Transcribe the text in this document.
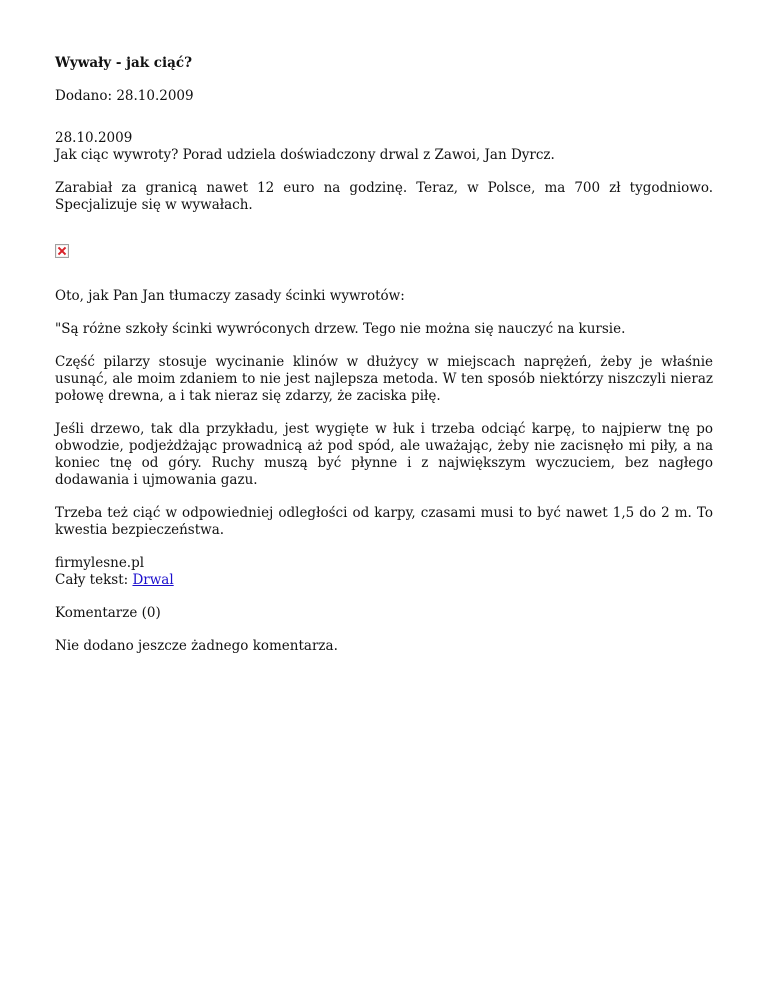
Wywały - jak ciąć?
Dodano: 28.10.2009
28.10.2009
Jak ciąc wywroty? Porad udziela doświadczony drwal z Zawoi, Jan Dyrcz.
Zarabiał za granicą nawet 12 euro na godzinę. Teraz, w Polsce, ma 700 zł tygodniowo. Specjalizuje się w wywałach.
Oto, jak Pan Jan tłumaczy zasady ścinki wywrotów:
"Są różne szkoły ścinki wywróconych drzew. Tego nie można się nauczyć na kursie.
Część pilarzy stosuje wycinanie klinów w dłużycy w miejscach naprężeń, żeby je właśnie usunąć, ale moim zdaniem to nie jest najlepsza metoda. W ten sposób niektórzy niszczyli nieraz połowę drewna, a i tak nieraz się zdarzy, że zaciska piłę.
Jeśli drzewo, tak dla przykładu, jest wygięte w łuk i trzeba odciąć karpę, to najpierw tnę po obwodzie, podjeżdżając prowadnicą aż pod spód, ale uważając, żeby nie zacisnęło mi piły, a na koniec tnę od góry. Ruchy muszą być płynne i z największym wyczuciem, bez nagłego dodawania i ujmowania gazu.
Trzeba też ciąć w odpowiedniej odległości od karpy, czasami musi to być nawet 1,5 do 2 m. To kwestia bezpieczeństwa.
firmylesne.pl
Cały tekst: Drwal
Komentarze (0)
Nie dodano jeszcze żadnego komentarza.
